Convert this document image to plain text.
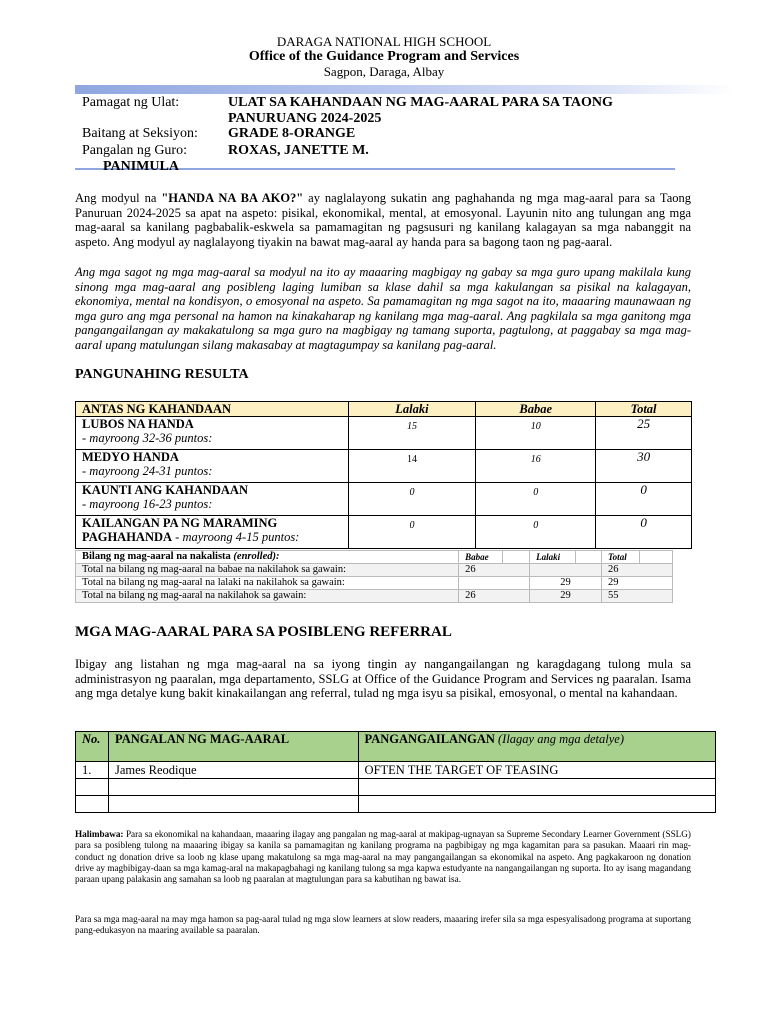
DARAGA NATIONAL HIGH SCHOOL
Office of the Guidance Program and Services
Sagpon, Daraga, Albay
Pamagat ng Ulat:	ULAT SA KAHANDAAN NG MAG-AARAL PARA SA TAONG
PANURUANG 2024-2025
Baitang at Seksiyon: GRADE 8-ORANGE
Pangalan ng Guro:	ROXAS, JANETTE M.
PANIMULA
Ang modyul na "HANDA NA BA AKO?" ay naglalayong sukatin ang paghahanda ng mga mag-aaral para sa Taong Panuruan 2024-2025 sa apat na aspeto: pisikal, ekonomikal, mental, at emosyonal. Layunin nito ang tulungan ang mga mag-aaral sa kanilang pagbabalik-eskwela sa pamamagitan ng pagsusuri ng kanilang kalagayan sa mga nabanggit na aspeto. Ang modyul ay naglalayong tiyakin na bawat mag-aaral ay handa para sa bagong taon ng pag-aaral.
Ang mga sagot ng mga mag-aaral sa modyul na ito ay maaaring magbigay ng gabay sa mga guro upang makilala kung sinong mga mag-aaral ang posibleng laging lumiban sa klase dahil sa mga kakulangan sa pisikal na kalagayan, ekonomiya, mental na kondisyon, o emosyonal na aspeto. Sa pamamagitan ng mga sagot na ito, maaaring maunawaan ng mga guro ang mga personal na hamon na kinakaharap ng kanilang mga mag-aaral. Ang pagkilala sa mga ganitong mga pangangailangan ay makakatulong sa mga guro na magbigay ng tamang suporta, pagtulong, at paggabay sa mga mag-aaral upang matulungan silang makasabay at magtagumpay sa kanilang pag-aaral.
PANGUNAHING RESULTA
ANTAS NG KAHANDAAN	Lalaki	Babae	Total
LUBOS NA HANDA
- mayroong 32-36 puntos:	15	10	25
MEDYO HANDA
- mayroong 24-31 puntos:	14	16	30
KAUNTI ANG KAHANDAAN
- mayroong 16-23 puntos:	0	0	0
KAILANGAN PA NG MARAMING PAGHAHANDA - mayroong 4-15 puntos:	0	0	0
Bilang ng mag-aaral na nakalista (enrolled):	Babae		Lalaki		Total	
Total na bilang ng mag-aaral na babae na nakilahok sa gawain:	26				26	
Total na bilang ng mag-aaral na lalaki na nakilahok sa gawain:			29		29	
Total na bilang ng mag-aaral na nakilahok sa gawain:	26		29		55	
MGA MAG-AARAL PARA SA POSIBLENG REFERRAL
Ibigay ang listahan ng mga mag-aaral na sa iyong tingin ay nangangailangan ng karagdagang tulong mula sa administrasyon ng paaralan, mga departamento, SSLG at Office of the Guidance Program and Services ng paaralan. Isama ang mga detalye kung bakit kinakailangan ang referral, tulad ng mga isyu sa pisikal, emosyonal, o mental na kahandaan.
No.	PANGALAN NG MAG-AARAL	PANGANGAILANGAN (Ilagay ang mga detalye)
1.	James Reodique	OFTEN THE TARGET OF TEASING

Halimbawa: Para sa ekonomikal na kahandaan, maaaring ilagay ang pangalan ng mag-aaral at makipag-ugnayan sa Supreme Secondary Learner Government (SSLG) para sa posibleng tulong na maaaring ibigay sa kanila sa pamamagitan ng kanilang programa na pagbibigay ng mga kagamitan para sa pasukan. Maaari rin mag-conduct ng donation drive sa loob ng klase upang makatulong sa mga mag-aaral na may pangangailangan sa ekonomikal na aspeto. Ang pagkakaroon ng donation drive ay magbibigay-daan sa mga kamag-aral na makapagbahagi ng kanilang tulong sa mga kapwa estudyante na nangangailangan ng suporta. Ito ay isang magandang paraan upang palakasin ang samahan sa loob ng paaralan at magtulungan para sa kabutihan ng bawat isa.
Para sa mga mag-aaral na may mga hamon sa pag-aaral tulad ng mga slow learners at slow readers, maaaring irefer sila sa mga espesyalisadong programa at suportang pang-edukasyon na maaring available sa paaralan.
